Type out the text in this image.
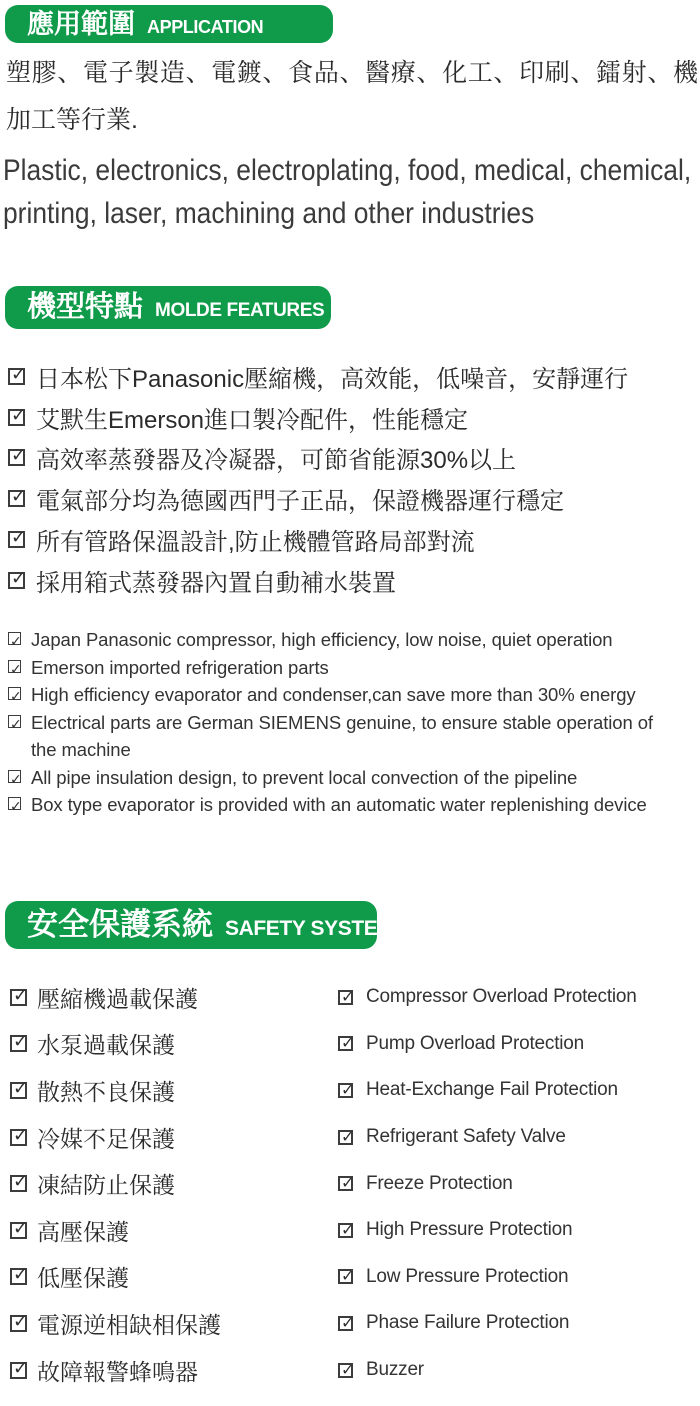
應用範圍 APPLICATION

塑膠、電子製造、電鍍、食品、醫療、化工、印刷、鐳射、機加工等行業.

Plastic, electronics, electroplating, food, medical, chemical, printing, laser, machining and other industries

機型特點 MOLDE FEATURES
✓
日本松下Panasonic壓縮機，高效能，低噪音，安靜運行
✓
艾默生Emerson進口製冷配件，性能穩定
✓
高效率蒸發器及冷凝器，可節省能源30%以上
✓
電氣部分均為德國西門子正品，保證機器運行穩定
✓
所有管路保溫設計,防止機體管路局部對流
✓
採用箱式蒸發器內置自動補水裝置
✓
Japan Panasonic compressor, high efficiency, low noise, quiet operation
✓
Emerson imported refrigeration parts
✓
High efficiency evaporator and condenser,can save more than 30% energy
✓
Electrical parts are German SIEMENS genuine, to ensure stable operation of the machine
✓
All pipe insulation design, to prevent local convection of the pipeline
✓
Box type evaporator is provided with an automatic water replenishing device
安全保護系統 SAFETY SYSTEM
✓
壓縮機過載保護 ✓	Compressor Overload Protection
✓
水泵過載保護 ✓	Pump Overload Protection
✓
散熱不良保護 ✓	Heat-Exchange Fail Protection
✓
冷媒不足保護 ✓	Refrigerant Safety Valve
✓
凍結防止保護 ✓	Freeze Protection
✓
高壓保護 ✓	High Pressure Protection
✓
低壓保護 ✓	Low Pressure Protection
✓
電源逆相缺相保護 ✓	Phase Failure Protection
✓
故障報警蜂鳴器 ✓	Buzzer
